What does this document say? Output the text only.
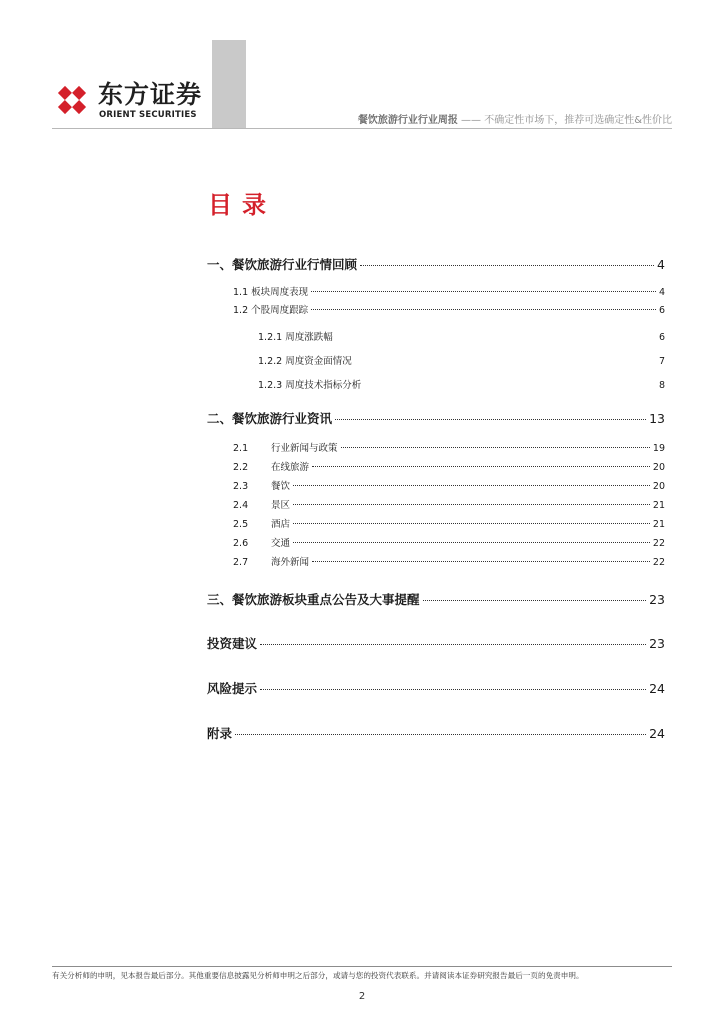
东方证券
ORIENT SECURITIES	餐饮旅游行业行业周报 —— 不确定性市场下，推荐可选确定性&性价比
目录
一、餐饮旅游行业行情回顾	4
1.1 板块周度表现	4
1.2 个股周度跟踪	6
1.2.1 周度涨跌幅	6
1.2.2 周度资金面情况	7
1.2.3 周度技术指标分析	8
二、餐饮旅游行业资讯	13
2.1	行业新闻与政策	19
2.2	在线旅游	20
2.3	餐饮	20
2.4	景区	21
2.5	酒店	21
2.6	交通	22
2.7	海外新闻	22
三、餐饮旅游板块重点公告及大事提醒	23
投资建议	23
风险提示	24
附录	24
有关分析师的申明，见本报告最后部分。其他重要信息披露见分析师申明之后部分，或请与您的投资代表联系。并请阅读本证券研究报告最后一页的免责申明。
2
